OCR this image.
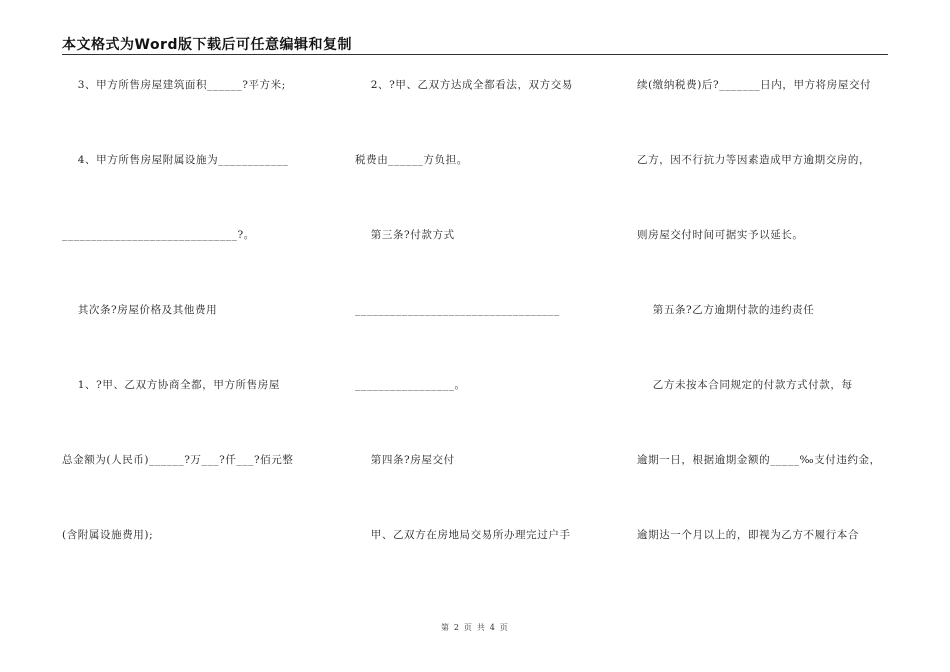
本文格式为Word版下载后可任意编辑和复制
3、甲方所售房屋建筑面积______?平方米;
4、甲方所售房屋附属设施为____________
______________________________?。
其次条?房屋价格及其他费用
1、?甲、乙双方协商全都，甲方所售房屋
总金额为(人民币)______?万___?仟___?佰元整
(含附属设施费用);
2、?甲、乙双方达成全都看法，双方交易
税费由______方负担。
第三条?付款方式
___________________________________
_________________。
第四条?房屋交付
甲、乙双方在房地局交易所办理完过户手
续(缴纳税费)后?_______日内，甲方将房屋交付
乙方，因不行抗力等因素造成甲方逾期交房的，
则房屋交付时间可据实予以延长。
第五条?乙方逾期付款的违约责任
乙方未按本合同规定的付款方式付款，每
逾期一日，根据逾期金额的_____‰支付违约金，
逾期达一个月以上的，即视为乙方不履行本合
第 2 页 共 4 页
